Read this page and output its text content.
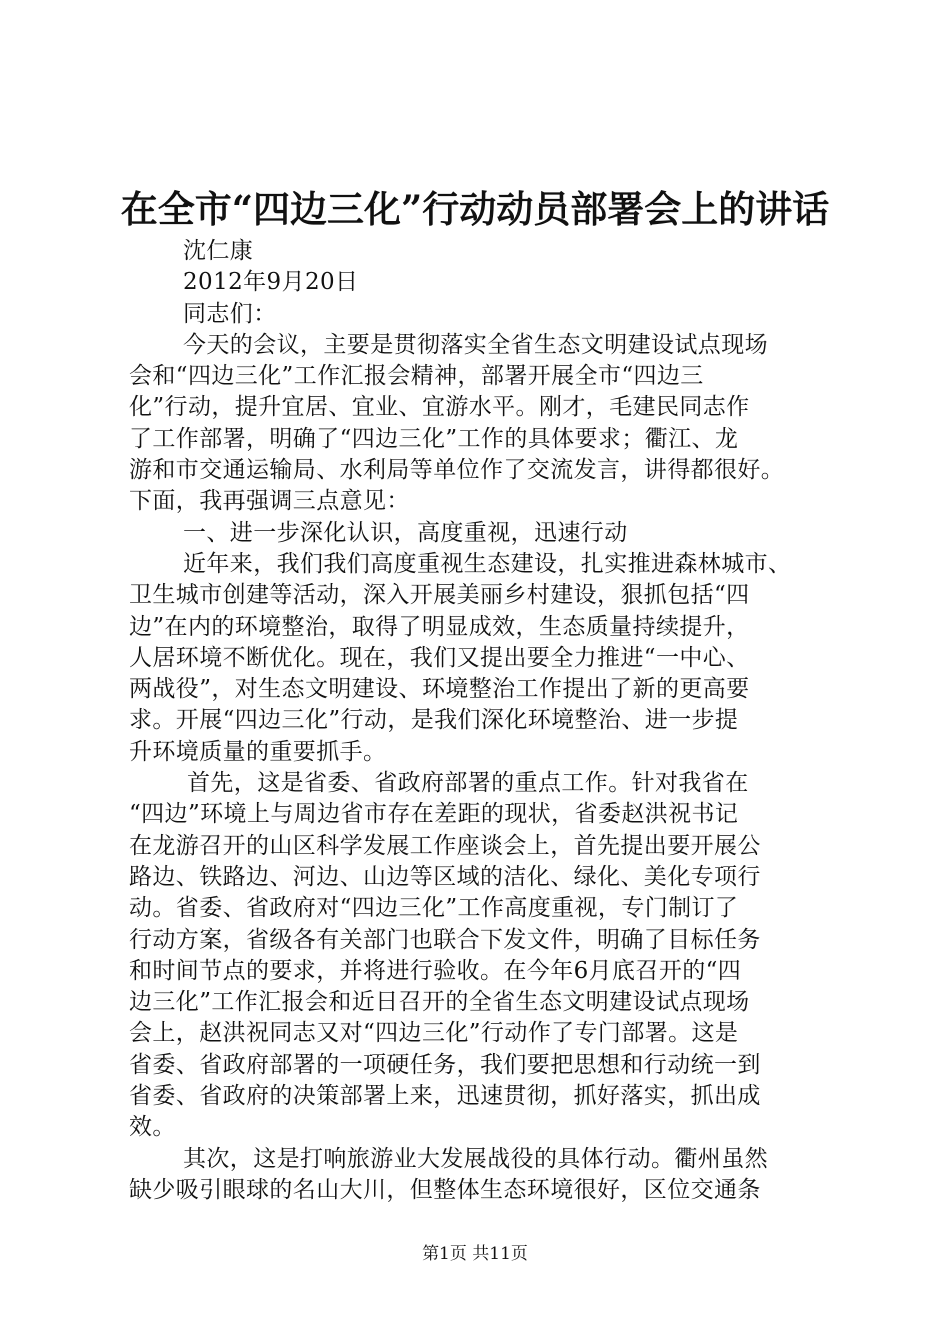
在全市“四边三化”行动动员部署会上的讲话
沈仁康
2012年9月20日
同志们：
今天的会议，主要是贯彻落实全省生态文明建设试点现场
会和“四边三化”工作汇报会精神，部署开展全市“四边三
化”行动，提升宜居、宜业、宜游水平。刚才，毛建民同志作
了工作部署，明确了“四边三化”工作的具体要求；衢江、龙
游和市交通运输局、水利局等单位作了交流发言，讲得都很好。
下面，我再强调三点意见：
一、进一步深化认识，高度重视，迅速行动
近年来，我们我们高度重视生态建设，扎实推进森林城市、
卫生城市创建等活动，深入开展美丽乡村建设，狠抓包括“四
边”在内的环境整治，取得了明显成效，生态质量持续提升，
人居环境不断优化。现在，我们又提出要全力推进“一中心、
两战役”，对生态文明建设、环境整治工作提出了新的更高要
求。开展“四边三化”行动，是我们深化环境整治、进一步提
升环境质量的重要抓手。
首先，这是省委、省政府部署的重点工作。针对我省在
“四边”环境上与周边省市存在差距的现状，省委赵洪祝书记
在龙游召开的山区科学发展工作座谈会上，首先提出要开展公
路边、铁路边、河边、山边等区域的洁化、绿化、美化专项行
动。省委、省政府对“四边三化”工作高度重视，专门制订了
行动方案，省级各有关部门也联合下发文件，明确了目标任务
和时间节点的要求，并将进行验收。在今年6月底召开的“四
边三化”工作汇报会和近日召开的全省生态文明建设试点现场
会上，赵洪祝同志又对“四边三化”行动作了专门部署。这是
省委、省政府部署的一项硬任务，我们要把思想和行动统一到
省委、省政府的决策部署上来，迅速贯彻，抓好落实，抓出成
效。
其次，这是打响旅游业大发展战役的具体行动。衢州虽然
缺少吸引眼球的名山大川，但整体生态环境很好，区位交通条
第1页 共11页
